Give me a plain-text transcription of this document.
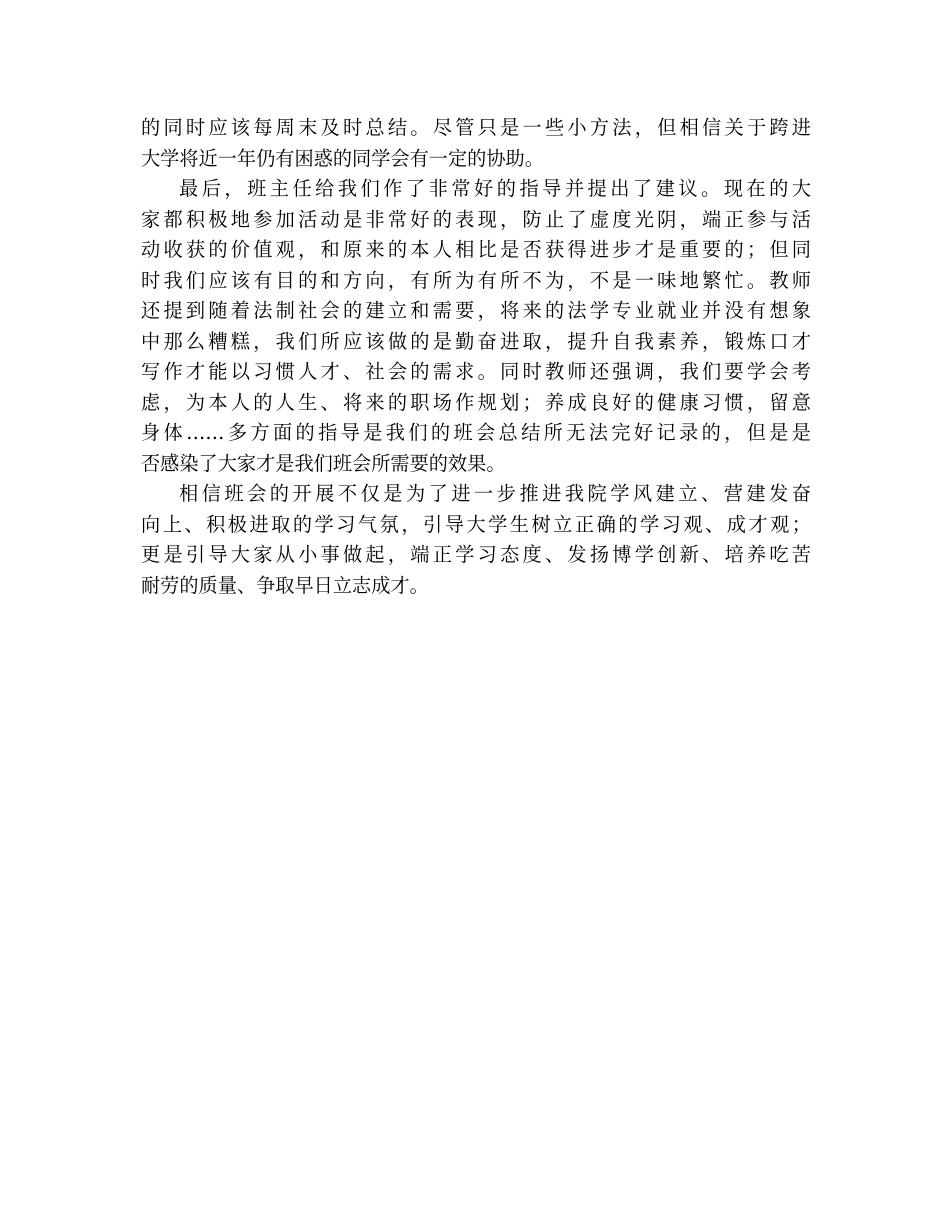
的同时应该每周末及时总结。尽管只是一些小方法，但相信关于跨进
大学将近一年仍有困惑的同学会有一定的协助。
最后，班主任给我们作了非常好的指导并提出了建议。现在的大
家都积极地参加活动是非常好的表现，防止了虚度光阴，端正参与活
动收获的价值观，和原来的本人相比是否获得进步才是重要的；但同
时我们应该有目的和方向，有所为有所不为，不是一味地繁忙。教师
还提到随着法制社会的建立和需要，将来的法学专业就业并没有想象
中那么糟糕，我们所应该做的是勤奋进取，提升自我素养，锻炼口才
写作才能以习惯人才、社会的需求。同时教师还强调，我们要学会考
虑，为本人的人生、将来的职场作规划；养成良好的健康习惯，留意
身体……多方面的指导是我们的班会总结所无法完好记录的，但是是
否感染了大家才是我们班会所需要的效果。
相信班会的开展不仅是为了进一步推进我院学风建立、营建发奋
向上、积极进取的学习气氛，引导大学生树立正确的学习观、成才观；
更是引导大家从小事做起，端正学习态度、发扬博学创新、培养吃苦
耐劳的质量、争取早日立志成才。
